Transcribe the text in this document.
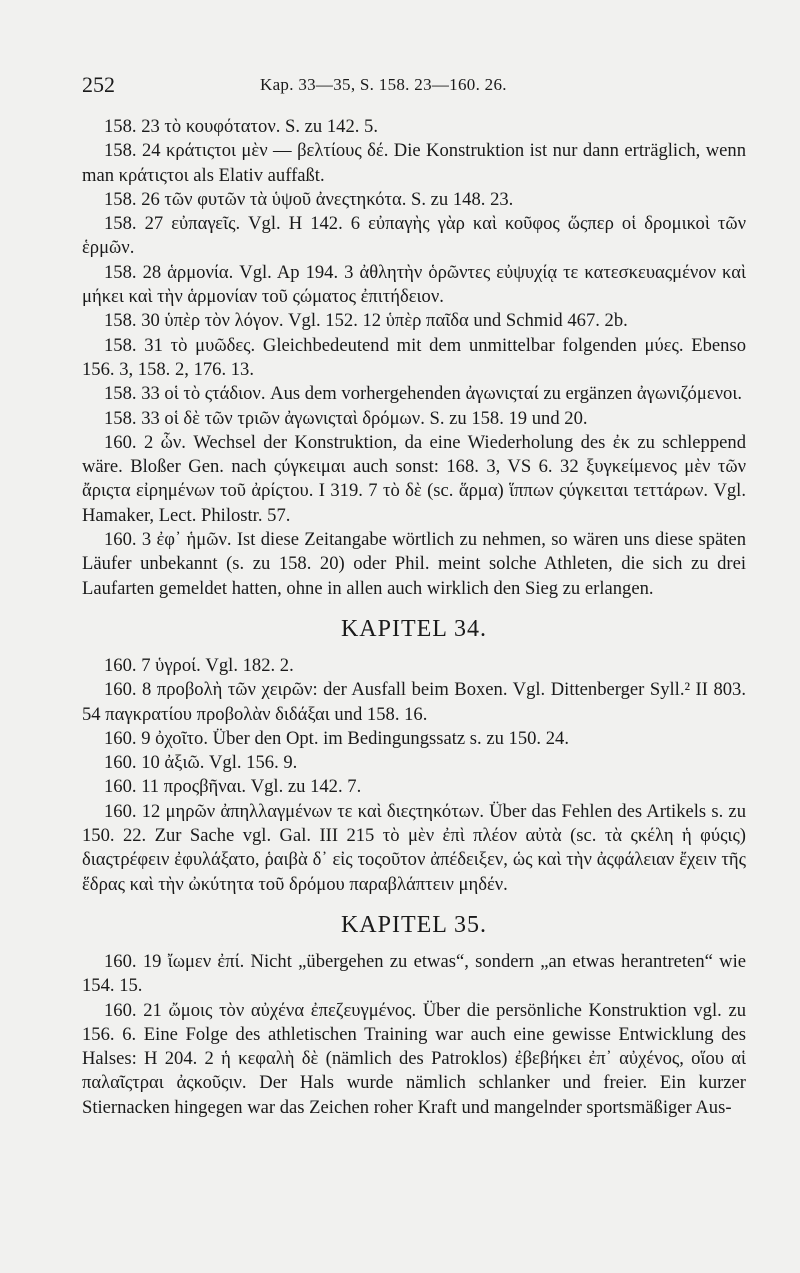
252	Kap. 33—35, S. 158. 23—160. 26.

158. 23 τὸ κουφότατον. S. zu 142. 5.

158. 24 κράτιςτοι μὲν — βελτίους δέ. Die Konstruktion ist nur dann erträglich, wenn man κράτιςτοι als Elativ auffaßt.

158. 26 τῶν φυτῶν τὰ ὑψοῦ ἀνεςτηκότα. S. zu 148. 23.

158. 27 εὐπαγεῖς. Vgl. H 142. 6 εὐπαγὴς γὰρ καὶ κοῦφος ὥςπερ οἱ δρομικοὶ τῶν ἑρμῶν.

158. 28 ἁρμονία. Vgl. Ap 194. 3 ἀθλητὴν ὁρῶντες εὐψυχίᾳ τε κατεσκευαςμένον καὶ μήκει καὶ τὴν ἁρμονίαν τοῦ ςώματος ἐπιτήδειον.

158. 30 ὑπὲρ τὸν λόγον. Vgl. 152. 12 ὑπὲρ παῖδα und Schmid 467. 2b.

158. 31 τὸ μυῶδες. Gleichbedeutend mit dem unmittelbar folgenden μύες. Ebenso 156. 3, 158. 2, 176. 13.

158. 33 οἱ τὸ ςτάδιον. Aus dem vorhergehenden ἀγωνιςταί zu ergänzen ἀγωνιζόμενοι.

158. 33 οἱ δὲ τῶν τριῶν ἀγωνιςταὶ δρόμων. S. zu 158. 19 und 20.

160. 2 ὧν. Wechsel der Konstruktion, da eine Wiederholung des ἐκ zu schleppend wäre. Bloßer Gen. nach ςύγκειμαι auch sonst: 168. 3, VS 6. 32 ξυγκείμενος μὲν τῶν ἄριςτα εἰρημένων τοῦ ἀρίςτου. I 319. 7 τὸ δὲ (sc. ἅρμα) ἵππων ςύγκειται τεττάρων. Vgl. Hamaker, Lect. Philostr. 57.

160. 3 ἐφ᾽ ἡμῶν. Ist diese Zeitangabe wörtlich zu nehmen, so wären uns diese späten Läufer unbekannt (s. zu 158. 20) oder Phil. meint solche Athleten, die sich zu drei Laufarten gemeldet hatten, ohne in allen auch wirklich den Sieg zu erlangen.

KAPITEL 34.

160. 7 ὑγροί. Vgl. 182. 2.

160. 8 προβολὴ τῶν χειρῶν: der Ausfall beim Boxen. Vgl. Dittenberger Syll.² II 803. 54 παγκρατίου προβολὰν διδάξαι und 158. 16.

160. 9 ὀχοῖτο. Über den Opt. im Bedingungssatz s. zu 150. 24.

160. 10 ἀξιῶ. Vgl. 156. 9.

160. 11 προςβῆναι. Vgl. zu 142. 7.

160. 12 μηρῶν ἀπηλλαγμένων τε καὶ διεςτηκότων. Über das Fehlen des Artikels s. zu 150. 22. Zur Sache vgl. Gal. III 215 τὸ μὲν ἐπὶ πλέον αὐτὰ (sc. τὰ ςκέλη ἡ φύςις) διαςτρέφειν ἐφυλάξατο, ῥαιβὰ δ᾽ εἰς τοςοῦτον ἀπέδειξεν, ὡς καὶ τὴν ἀςφάλειαν ἔχειν τῆς ἕδρας καὶ τὴν ὠκύτητα τοῦ δρόμου παραβλάπτειν μηδέν.

KAPITEL 35.

160. 19 ἴωμεν ἐπί. Nicht „übergehen zu etwas“, sondern „an etwas herantreten“ wie 154. 15.

160. 21 ὤμοις τὸν αὐχένα ἐπεζευγμένος. Über die persönliche Konstruktion vgl. zu 156. 6. Eine Folge des athletischen Training war auch eine gewisse Entwicklung des Halses: H 204. 2 ἡ κεφαλὴ δὲ (nämlich des Patroklos) ἐβεβήκει ἐπ᾽ αὐχένος, οἵου αἱ παλαῖςτραι ἀςκοῦςιν. Der Hals wurde nämlich schlanker und freier. Ein kurzer Stiernacken hingegen war das Zeichen roher Kraft und mangelnder sportsmäßiger Aus-
